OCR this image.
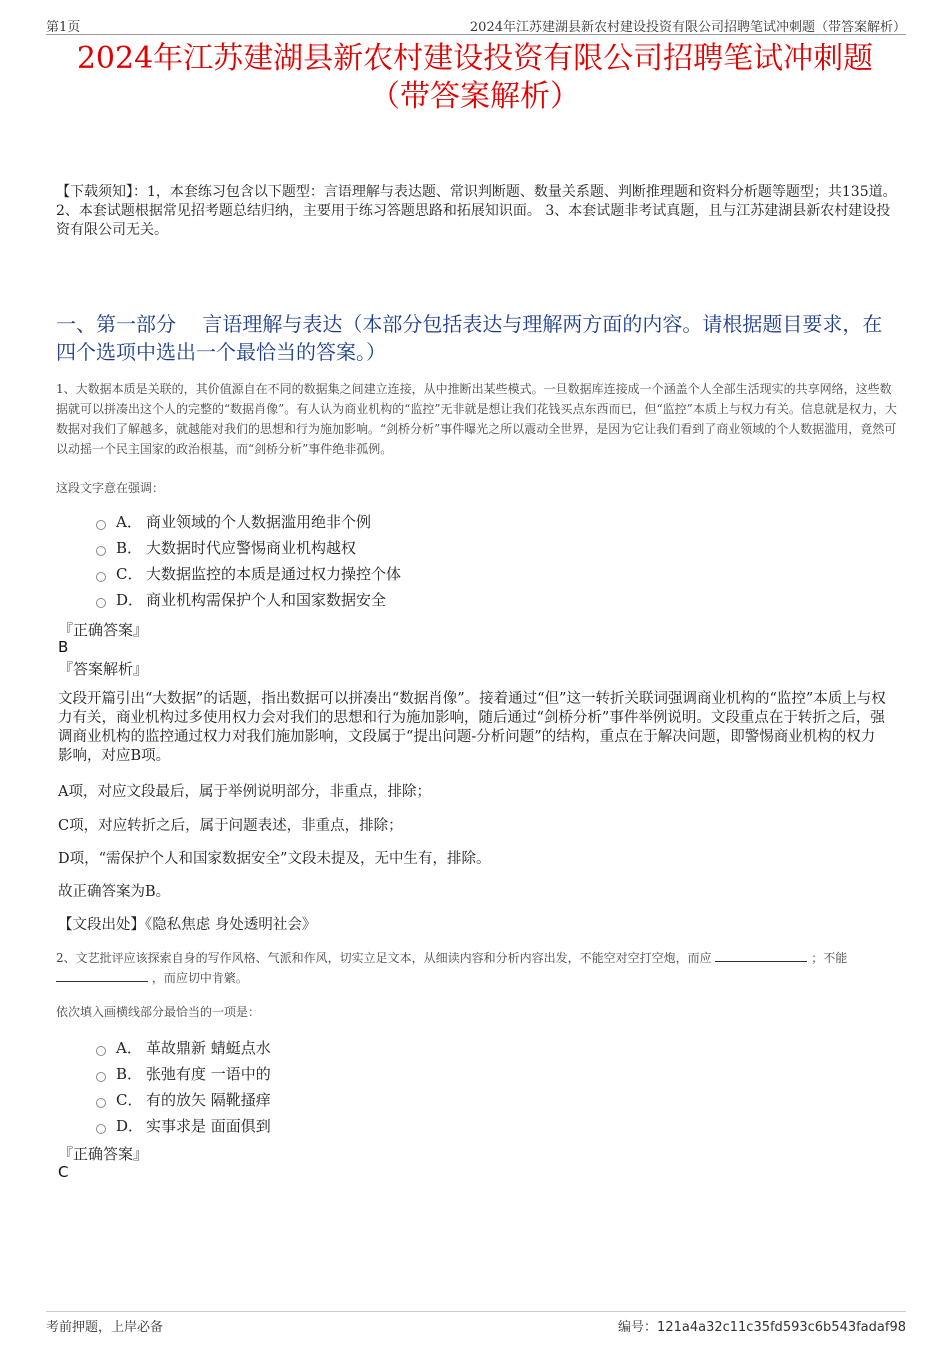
第1页	2024年江苏建湖县新农村建设投资有限公司招聘笔试冲刺题（带答案解析）
2024年江苏建湖县新农村建设投资有限公司招聘笔试冲刺题
（带答案解析）
【下载须知】：1，本套练习包含以下题型：言语理解与表达题、常识判断题、数量关系题、判断推理题和资料分析题等题型；共135道。 2、本套试题根据常见招考题总结归纳，主要用于练习答题思路和拓展知识面。 3、本套试题非考试真题，且与江苏建湖县新农村建设投资有限公司无关。
一、第一部分　 言语理解与表达（本部分包括表达与理解两方面的内容。请根据题目要求，在四个选项中选出一个最恰当的答案。）
1、大数据本质是关联的，其价值源自在不同的数据集之间建立连接，从中推断出某些模式。一旦数据库连接成一个涵盖个人全部生活现实的共享网络，这些数据就可以拼凑出这个人的完整的“数据肖像”。有人认为商业机构的“监控”无非就是想让我们花钱买点东西而已，但“监控”本质上与权力有关。信息就是权力，大数据对我们了解越多，就越能对我们的思想和行为施加影响。“剑桥分析”事件曝光之所以震动全世界，是因为它让我们看到了商业领域的个人数据滥用，竟然可以动摇一个民主国家的政治根基，而“剑桥分析”事件绝非孤例。
这段文字意在强调：
A． 商业领域的个人数据滥用绝非个例
B． 大数据时代应警惕商业机构越权
C． 大数据监控的本质是通过权力操控个体
D． 商业机构需保护个人和国家数据安全
『正确答案』
B
『答案解析』
文段开篇引出“大数据”的话题，指出数据可以拼凑出“数据肖像”。接着通过“但”这一转折关联词强调商业机构的“监控”本质上与权力有关，商业机构过多使用权力会对我们的思想和行为施加影响，随后通过“剑桥分析”事件举例说明。文段重点在于转折之后，强调商业机构的监控通过权力对我们施加影响，文段属于“提出问题-分析问题”的结构，重点在于解决问题，即警惕商业机构的权力影响，对应B项。
A项，对应文段最后，属于举例说明部分，非重点，排除；
C项，对应转折之后，属于问题表述，非重点，排除；
D项，“需保护个人和国家数据安全”文段未提及，无中生有，排除。
故正确答案为B。
【文段出处】《隐私焦虑 身处透明社会》
2、文艺批评应该探索自身的写作风格、气派和作风，切实立足文本，从细读内容和分析内容出发，不能空对空打空炮，而应	；不能  ，而应切中肯綮。
依次填入画横线部分最恰当的一项是：
A． 革故鼎新 蜻蜓点水
B． 张弛有度 一语中的
C． 有的放矢 隔靴搔痒
D． 实事求是 面面俱到
『正确答案』
C
考前押题，上岸必备	编号：121a4a32c11c35fd593c6b543fadaf98
